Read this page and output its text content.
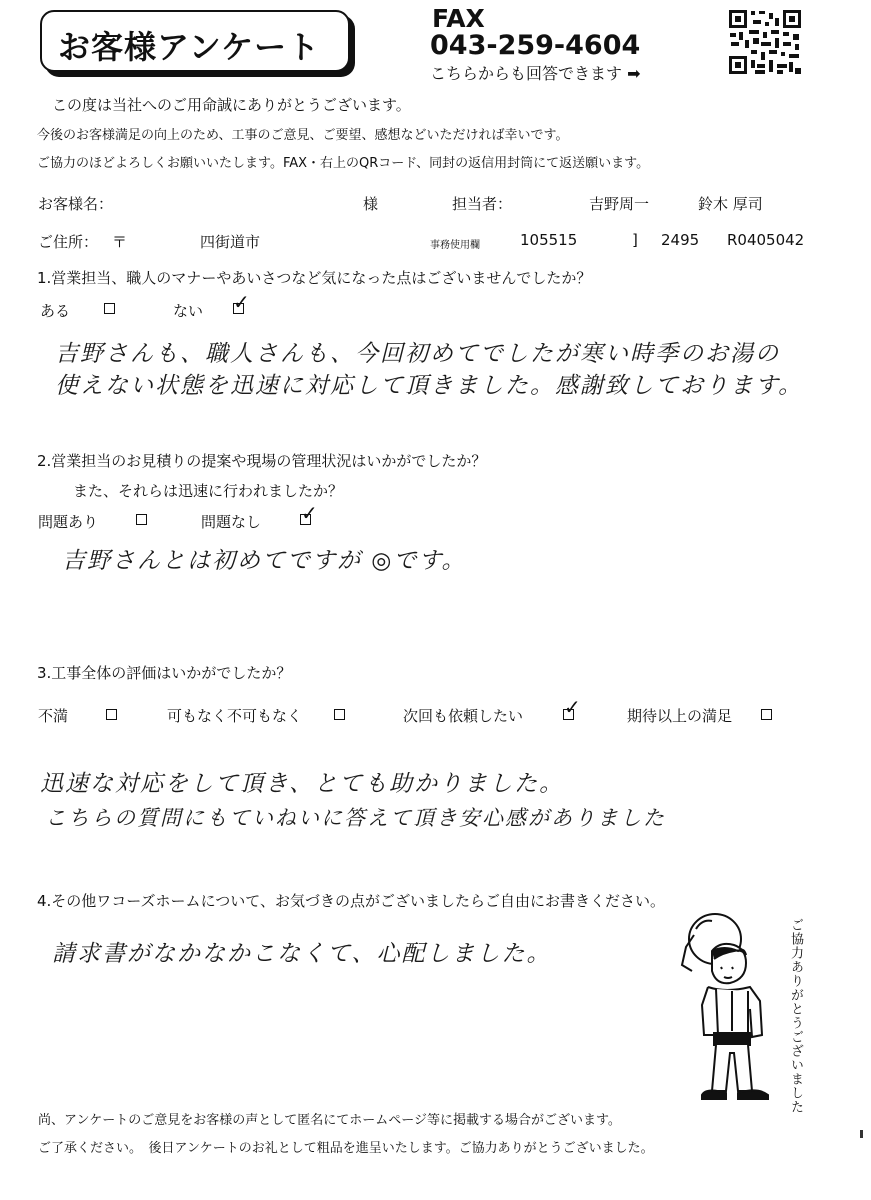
お客様アンケート
FAX
043-259-4604
こちらからも回答できます ➡
この度は当社へのご用命誠にありがとうございます。
今後のお客様満足の向上のため、工事のご意見、ご要望、感想などいただければ幸いです。
ご協力のほどよろしくお願いいたします。FAX・右上のQRコード、同封の返信用封筒にて返送願います。
お客様名：	様	担当者：	吉野周一	鈴木 厚司
ご住所： 〒	四街道市	事務使用欄	105515	] 2495 R0405042
1.営業担当、職人のマナーやあいさつなど気になった点はございませんでしたか？
ある	ない ✓
吉野さんも、職人さんも、今回初めてでしたが寒い時季のお湯の
使えない状態を迅速に対応して頂きました。感謝致しております。
2.営業担当のお見積りの提案や現場の管理状況はいかがでしたか？
また、それらは迅速に行われましたか？
問題あり	問題なし ✓
吉野さんとは初めてですが ◎です。
3.工事全体の評価はいかがでしたか？
不満	可もなく不可もなく	次回も依頼したい ✓	期待以上の満足
迅速な対応をして頂き、とても助かりました。
こちらの質問にもていねいに答えて頂き安心感がありました
4.その他ワコーズホームについて、お気づきの点がございましたらご自由にお書きください。
請求書がなかなかこなくて、心配しました。	ご協力ありがとうございました
尚、アンケートのご意見をお客様の声として匿名にてホームページ等に掲載する場合がございます。
ご了承ください。　後日アンケートのお礼として粗品を進呈いたします。ご協力ありがとうございました。
